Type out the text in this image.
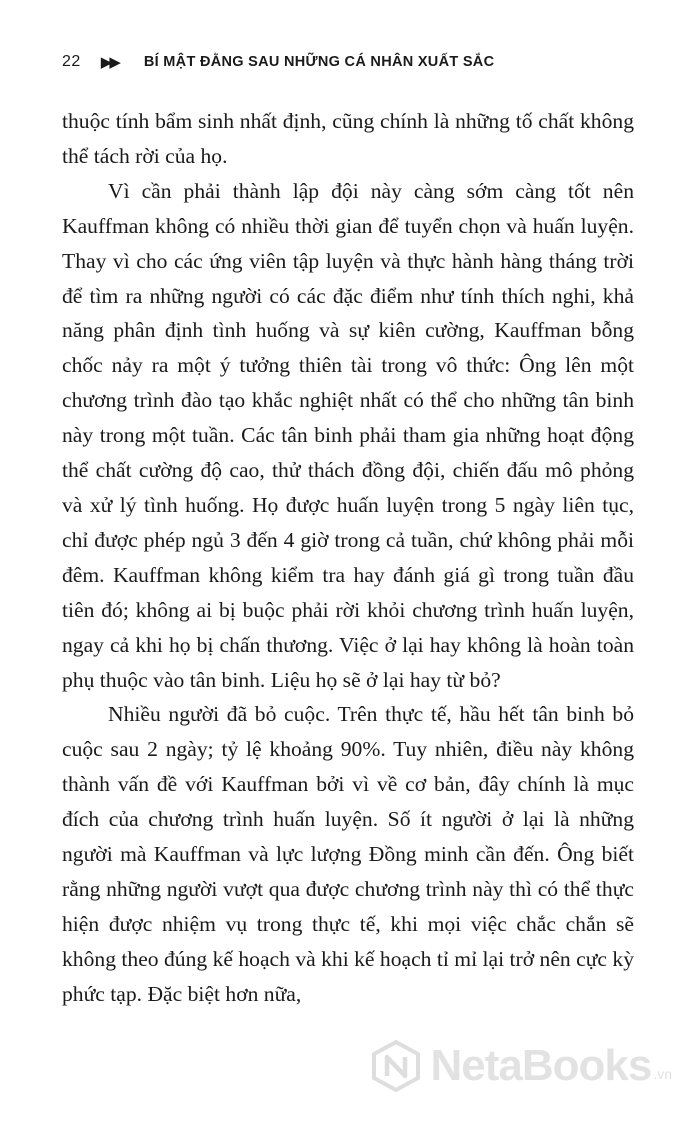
22 ▶▶ BÍ MẬT ĐẰNG SAU NHỮNG CÁ NHÂN XUẤT SẮC

thuộc tính bẩm sinh nhất định, cũng chính là những tố chất không thể tách rời của họ.

Vì cần phải thành lập đội này càng sớm càng tốt nên Kauffman không có nhiều thời gian để tuyển chọn và huấn luyện. Thay vì cho các ứng viên tập luyện và thực hành hàng tháng trời để tìm ra những người có các đặc điểm như tính thích nghi, khả năng phân định tình huống và sự kiên cường, Kauffman bỗng chốc nảy ra một ý tưởng thiên tài trong vô thức: Ông lên một chương trình đào tạo khắc nghiệt nhất có thể cho những tân binh này trong một tuần. Các tân binh phải tham gia những hoạt động thể chất cường độ cao, thử thách đồng đội, chiến đấu mô phỏng và xử lý tình huống. Họ được huấn luyện trong 5 ngày liên tục, chỉ được phép ngủ 3 đến 4 giờ trong cả tuần, chứ không phải mỗi đêm. Kauffman không kiểm tra hay đánh giá gì trong tuần đầu tiên đó; không ai bị buộc phải rời khỏi chương trình huấn luyện, ngay cả khi họ bị chấn thương. Việc ở lại hay không là hoàn toàn phụ thuộc vào tân binh. Liệu họ sẽ ở lại hay từ bỏ?

Nhiều người đã bỏ cuộc. Trên thực tế, hầu hết tân binh bỏ cuộc sau 2 ngày; tỷ lệ khoảng 90%. Tuy nhiên, điều này không thành vấn đề với Kauffman bởi vì về cơ bản, đây chính là mục đích của chương trình huấn luyện. Số ít người ở lại là những người mà Kauffman và lực lượng Đồng minh cần đến. Ông biết rằng những người vượt qua được chương trình này thì có thể thực hiện được nhiệm vụ trong thực tế, khi mọi việc chắc chắn sẽ không theo đúng kế hoạch và khi kế hoạch tỉ mỉ lại trở nên cực kỳ phức tạp. Đặc biệt hơn nữa,

NetaBooks .vn
